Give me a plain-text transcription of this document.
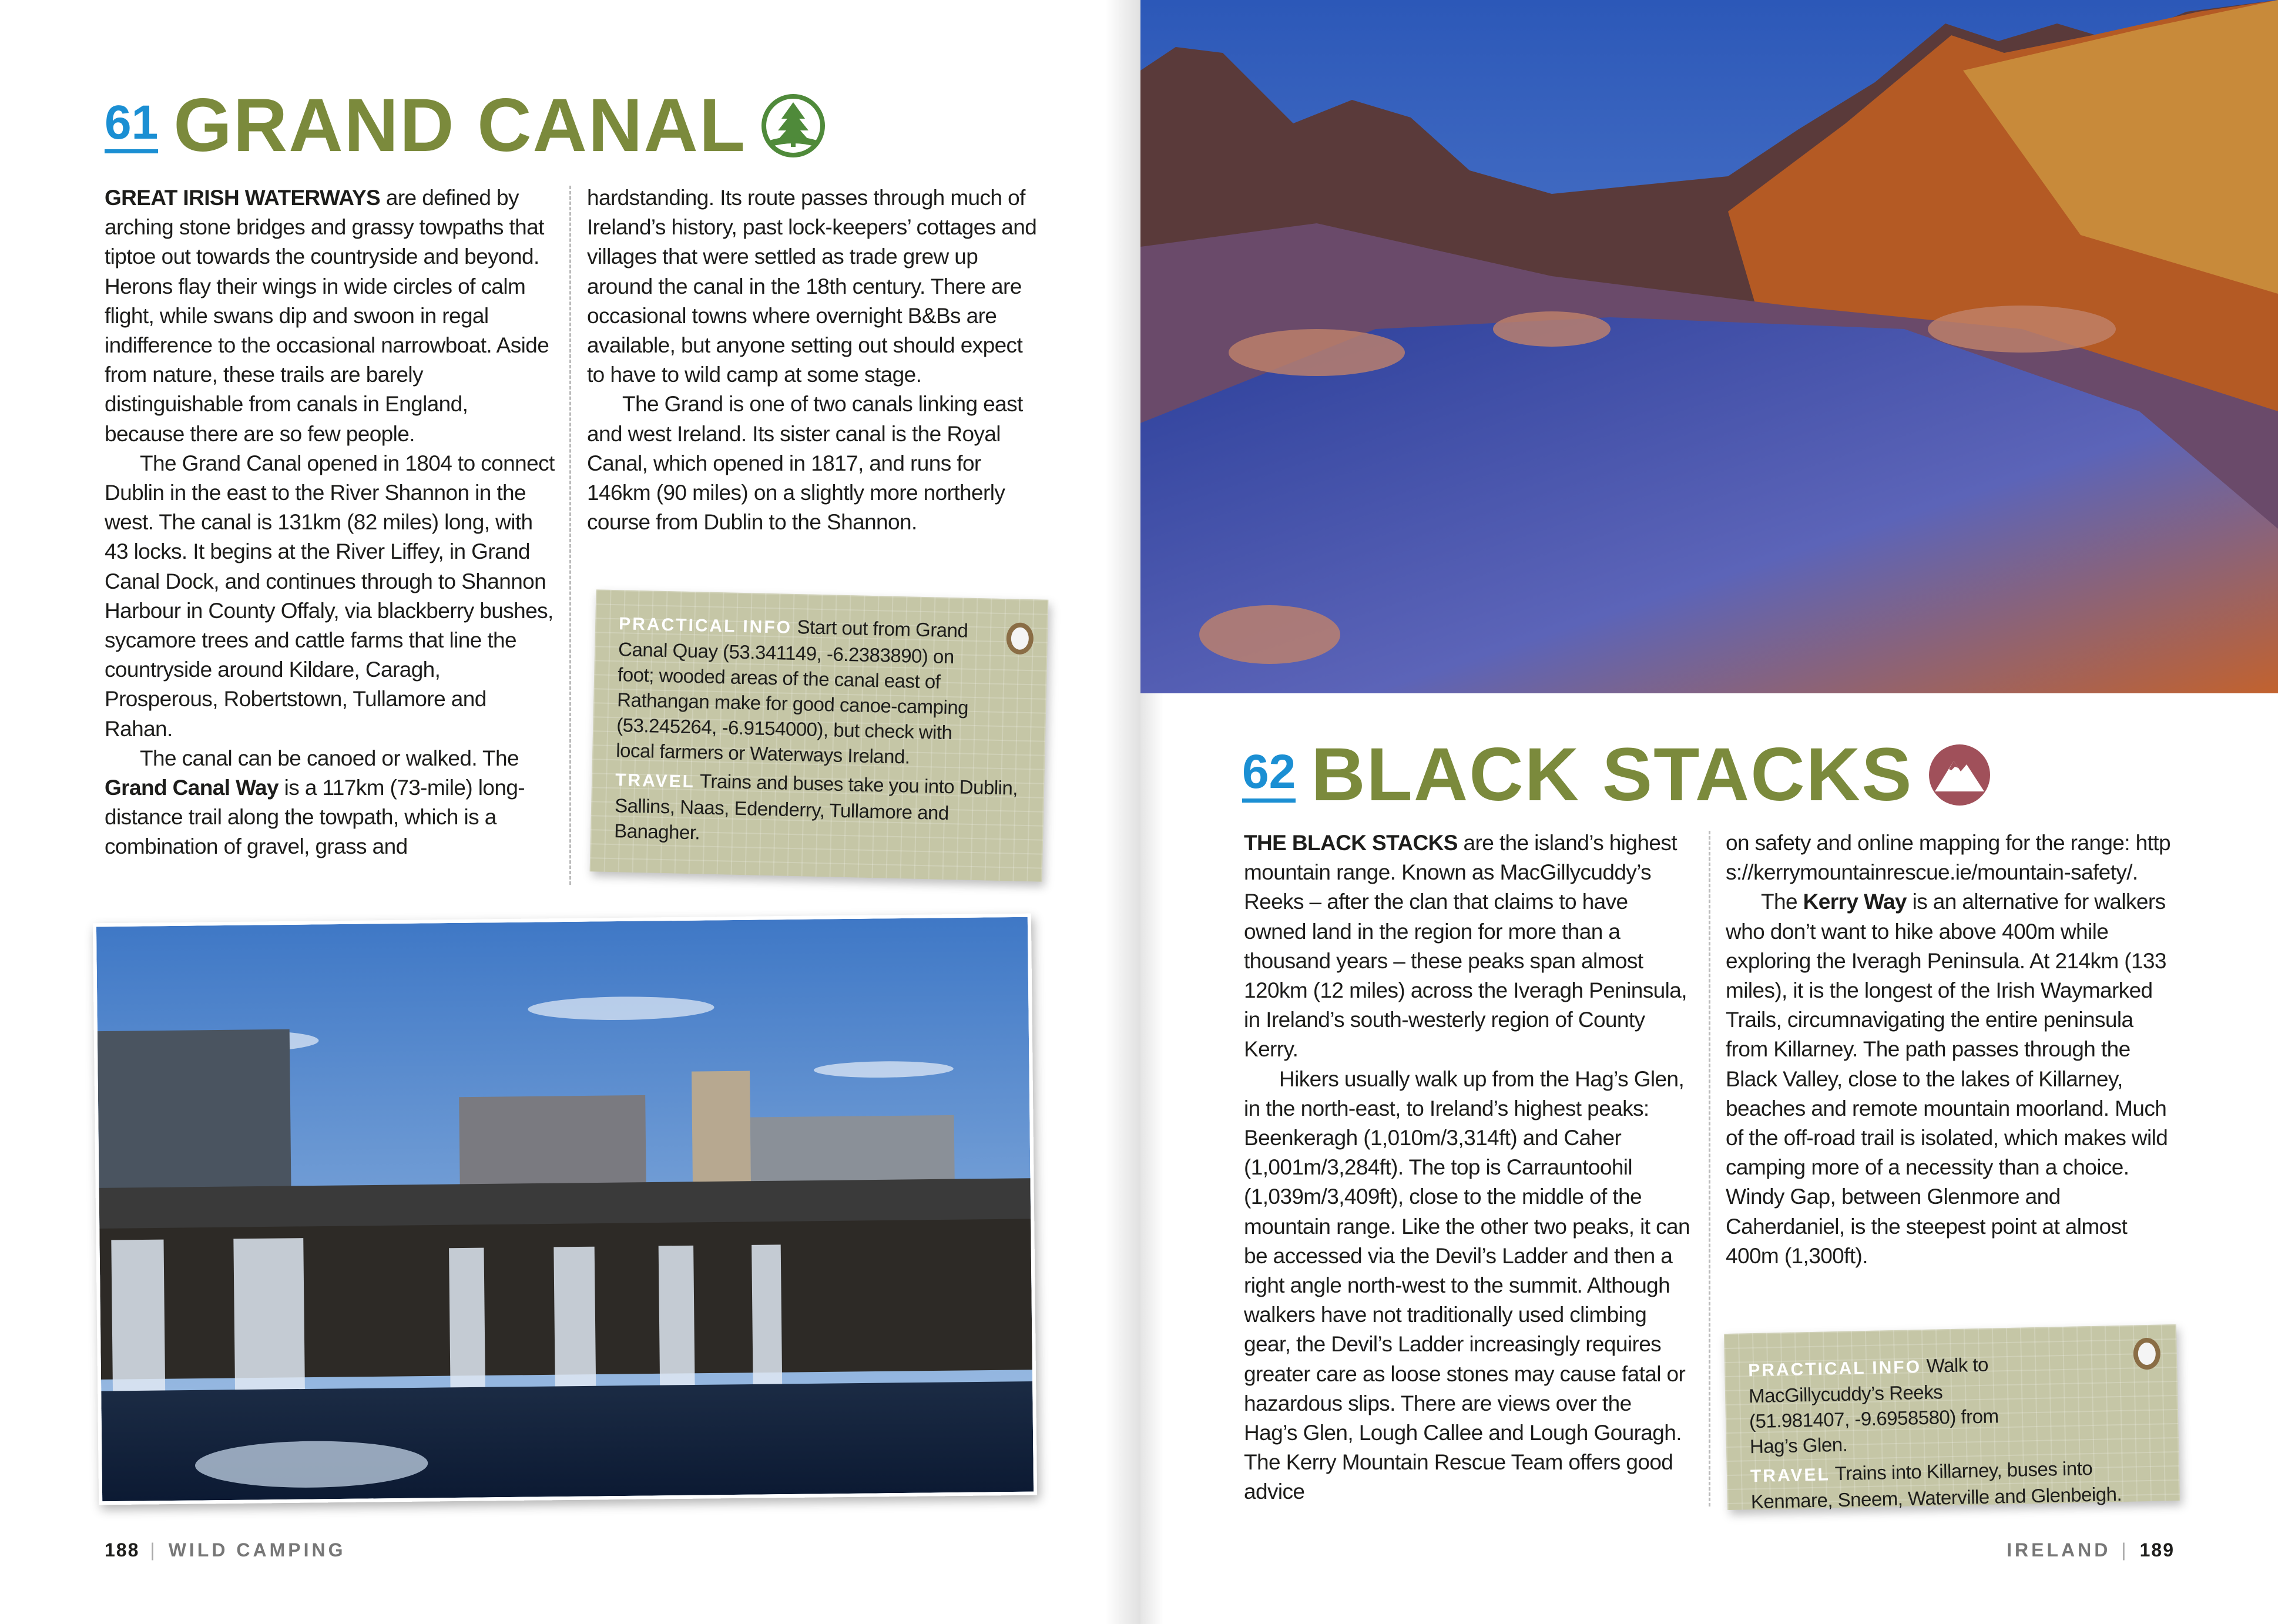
61 GRAND CANAL

GREAT IRISH WATERWAYS are defined by arching stone bridges and grassy towpaths that tiptoe out towards the countryside and beyond. Herons flay their wings in wide circles of calm flight, while swans dip and swoon in regal indifference to the occasional narrowboat. Aside from nature, these trails are barely distinguishable from canals in England,
because there are so few people.

The Grand Canal opened in 1804 to connect Dublin in the east to the River Shannon in the west. The canal is 131km (82 miles) long, with 43 locks. It begins at the River Liffey, in Grand Canal Dock, and continues through to Shannon Harbour in County Offaly, via blackberry bushes, sycamore trees and cattle farms that line the countryside around Kildare, Caragh, Prosperous, Robertstown, Tullamore and Rahan.

The canal can be canoed or walked. The Grand Canal Way is a 117km (73-mile) long-distance trail along the towpath, which is a combination of gravel, grass and

hardstanding. Its route passes through much of Ireland’s history, past lock-keepers’ cottages and villages that were settled as trade grew up around the canal in the 18th century. There are occasional towns where overnight B&Bs are available, but anyone setting out should expect to have to wild camp at some stage.

The Grand is one of two canals linking east and west Ireland. Its sister canal is the Royal Canal, which opened in 1817, and runs for 146km (90 miles) on a slightly more northerly course from Dublin to the Shannon.

PRACTICAL INFO Start out from Grand Canal Quay (53.341149, -6.2383890) on foot; wooded areas of the canal east of Rathangan make for good canoe-camping (53.245264, -6.9154000), but check with local farmers or Waterways Ireland.

TRAVEL Trains and buses take you into Dublin, Sallins, Naas, Edenderry, Tullamore and Banagher.

188 | WILD CAMPING
62 BLACK STACKS

THE BLACK STACKS are the island’s highest mountain range. Known as MacGillycuddy’s Reeks – after the clan that claims to have owned land in the region for more than a thousand years – these peaks span almost 120km (12 miles) across the Iveragh Peninsula, in Ireland’s south-westerly region of County Kerry.

Hikers usually walk up from the Hag’s Glen, in the north-east, to Ireland’s highest peaks: Beenkeragh (1,010m/3,314ft) and Caher (1,001m/3,284ft). The top is Carrauntoohil (1,039m/3,409ft), close to the middle of the mountain range. Like the other two peaks, it can be accessed via the Devil’s Ladder and then a right angle north-west to the summit. Although walkers have not traditionally used climbing gear, the Devil’s Ladder increasingly requires greater care as loose stones may cause fatal or hazardous slips. There are views over the Hag’s Glen, Lough Callee and Lough Gouragh. The Kerry Mountain Rescue Team offers good advice

on safety and online mapping for the range: https://kerrymountainrescue.ie/mountain-safety/.

The Kerry Way is an alternative for walkers who don’t want to hike above 400m while exploring the Iveragh Peninsula. At 214km (133 miles), it is the longest of the Irish Waymarked Trails, circumnavigating the entire peninsula from Killarney. The path passes through the Black Valley, close to the lakes of Killarney, beaches and remote mountain moorland. Much of the off-road trail is isolated, which makes wild camping more of a necessity than a choice. Windy Gap, between Glenmore and Caherdaniel, is the steepest point at almost 400m (1,300ft).

PRACTICAL INFO Walk to MacGillycuddy’s Reeks (51.981407, -9.6958580) from Hag’s Glen.

TRAVEL Trains into Killarney, buses into Kenmare, Sneem, Waterville and Glenbeigh.

IRELAND | 189
